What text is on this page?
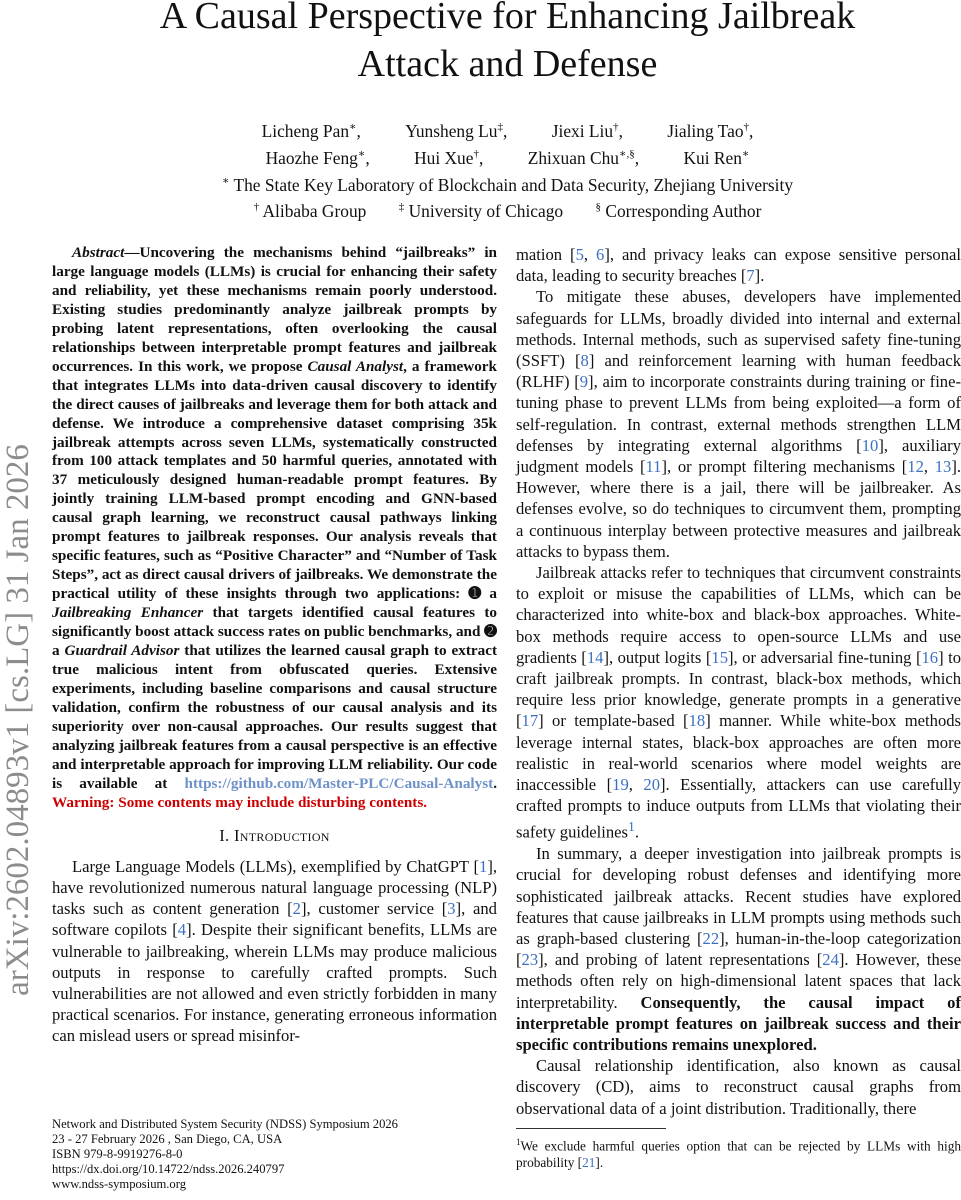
arXiv:2602.04893v1 [cs.LG] 31 Jan 2026
A Causal Perspective for Enhancing Jailbreak
Attack and Defense
Licheng Pan∗,	Yunsheng Lu‡,	Jiexi Liu†,	Jialing Tao†,
Haozhe Feng∗,	Hui Xue†,	Zhixuan Chu∗,§,	Kui Ren∗
∗ The State Key Laboratory of Blockchain and Data Security, Zhejiang University
† Alibaba Group	‡ University of Chicago	§ Corresponding Author

Abstract—Uncovering the mechanisms behind “jailbreaks” in large language models (LLMs) is crucial for enhancing their safety and reliability, yet these mechanisms remain poorly understood. Existing studies predominantly analyze jailbreak prompts by probing latent representations, often overlooking the causal relationships between interpretable prompt features and jailbreak occurrences. In this work, we propose Causal Analyst, a framework that integrates LLMs into data-driven causal discovery to identify the direct causes of jailbreaks and leverage them for both attack and defense. We introduce a comprehensive dataset comprising 35k jailbreak attempts across seven LLMs, systematically constructed from 100 attack templates and 50 harmful queries, annotated with 37 meticulously designed human-readable prompt features. By jointly training LLM-based prompt encoding and GNN-based causal graph learning, we reconstruct causal pathways linking prompt features to jailbreak responses. Our analysis reveals that specific features, such as “Positive Character” and “Number of Task Steps”, act as direct causal drivers of jailbreaks. We demonstrate the practical utility of these insights through two applications: ➊ a Jailbreaking Enhancer that targets identified causal features to significantly boost attack success rates on public benchmarks, and ➋ a Guardrail Advisor that utilizes the learned causal graph to extract true malicious intent from obfuscated queries. Extensive experiments, including baseline comparisons and causal structure validation, confirm the robustness of our causal analysis and its superiority over non-causal approaches. Our results suggest that analyzing jailbreak features from a causal perspective is an effective and interpretable approach for improving LLM reliability. Our code is available at https://github.com/Master-PLC/Causal-Analyst. Warning: Some contents may include disturbing contents.

I. Introduction

Large Language Models (LLMs), exemplified by ChatGPT [1], have revolutionized numerous natural language processing (NLP) tasks such as content generation [2], customer service [3], and software copilots [4]. Despite their significant benefits, LLMs are vulnerable to jailbreaking, wherein LLMs may produce malicious outputs in response to carefully crafted prompts. Such vulnerabilities are not allowed and even strictly forbidden in many practical scenarios. For instance, generating erroneous information can mislead users or spread misinfor-

mation [5, 6], and privacy leaks can expose sensitive personal data, leading to security breaches [7].

To mitigate these abuses, developers have implemented safeguards for LLMs, broadly divided into internal and external methods. Internal methods, such as supervised safety fine-tuning (SSFT) [8] and reinforcement learning with human feedback (RLHF) [9], aim to incorporate constraints during training or fine-tuning phase to prevent LLMs from being exploited—a form of self-regulation. In contrast, external methods strengthen LLM defenses by integrating external algorithms [10], auxiliary judgment models [11], or prompt filtering mechanisms [12, 13]. However, where there is a jail, there will be jailbreaker. As defenses evolve, so do techniques to circumvent them, prompting a continuous interplay between protective measures and jailbreak attacks to bypass them.

Jailbreak attacks refer to techniques that circumvent constraints to exploit or misuse the capabilities of LLMs, which can be characterized into white-box and black-box approaches. White-box methods require access to open-source LLMs and use gradients [14], output logits [15], or adversarial fine-tuning [16] to craft jailbreak prompts. In contrast, black-box methods, which require less prior knowledge, generate prompts in a generative [17] or template-based [18] manner. While white-box methods leverage internal states, black-box approaches are often more realistic in real-world scenarios where model weights are inaccessible [19, 20]. Essentially, attackers can use carefully crafted prompts to induce outputs from LLMs that violating their safety guidelines$^1$.

In summary, a deeper investigation into jailbreak prompts is crucial for developing robust defenses and identifying more sophisticated jailbreak attacks. Recent studies have explored features that cause jailbreaks in LLM prompts using methods such as graph-based clustering [22], human-in-the-loop categorization [23], and probing of latent representations [24]. However, these methods often rely on high-dimensional latent spaces that lack interpretability. Consequently, the causal impact of interpretable prompt features on jailbreak success and their specific contributions remains unexplored.

Causal relationship identification, also known as causal discovery (CD), aims to reconstruct causal graphs from observational data of a joint distribution. Traditionally, there

Network and Distributed System Security (NDSS) Symposium 2026
23 - 27 February 2026 , San Diego, CA, USA
ISBN 979-8-9919276-8-0
https://dx.doi.org/10.14722/ndss.2026.240797
www.ndss-symposium.org
$^1$We exclude harmful queries option that can be rejected by LLMs with high probability [21].
